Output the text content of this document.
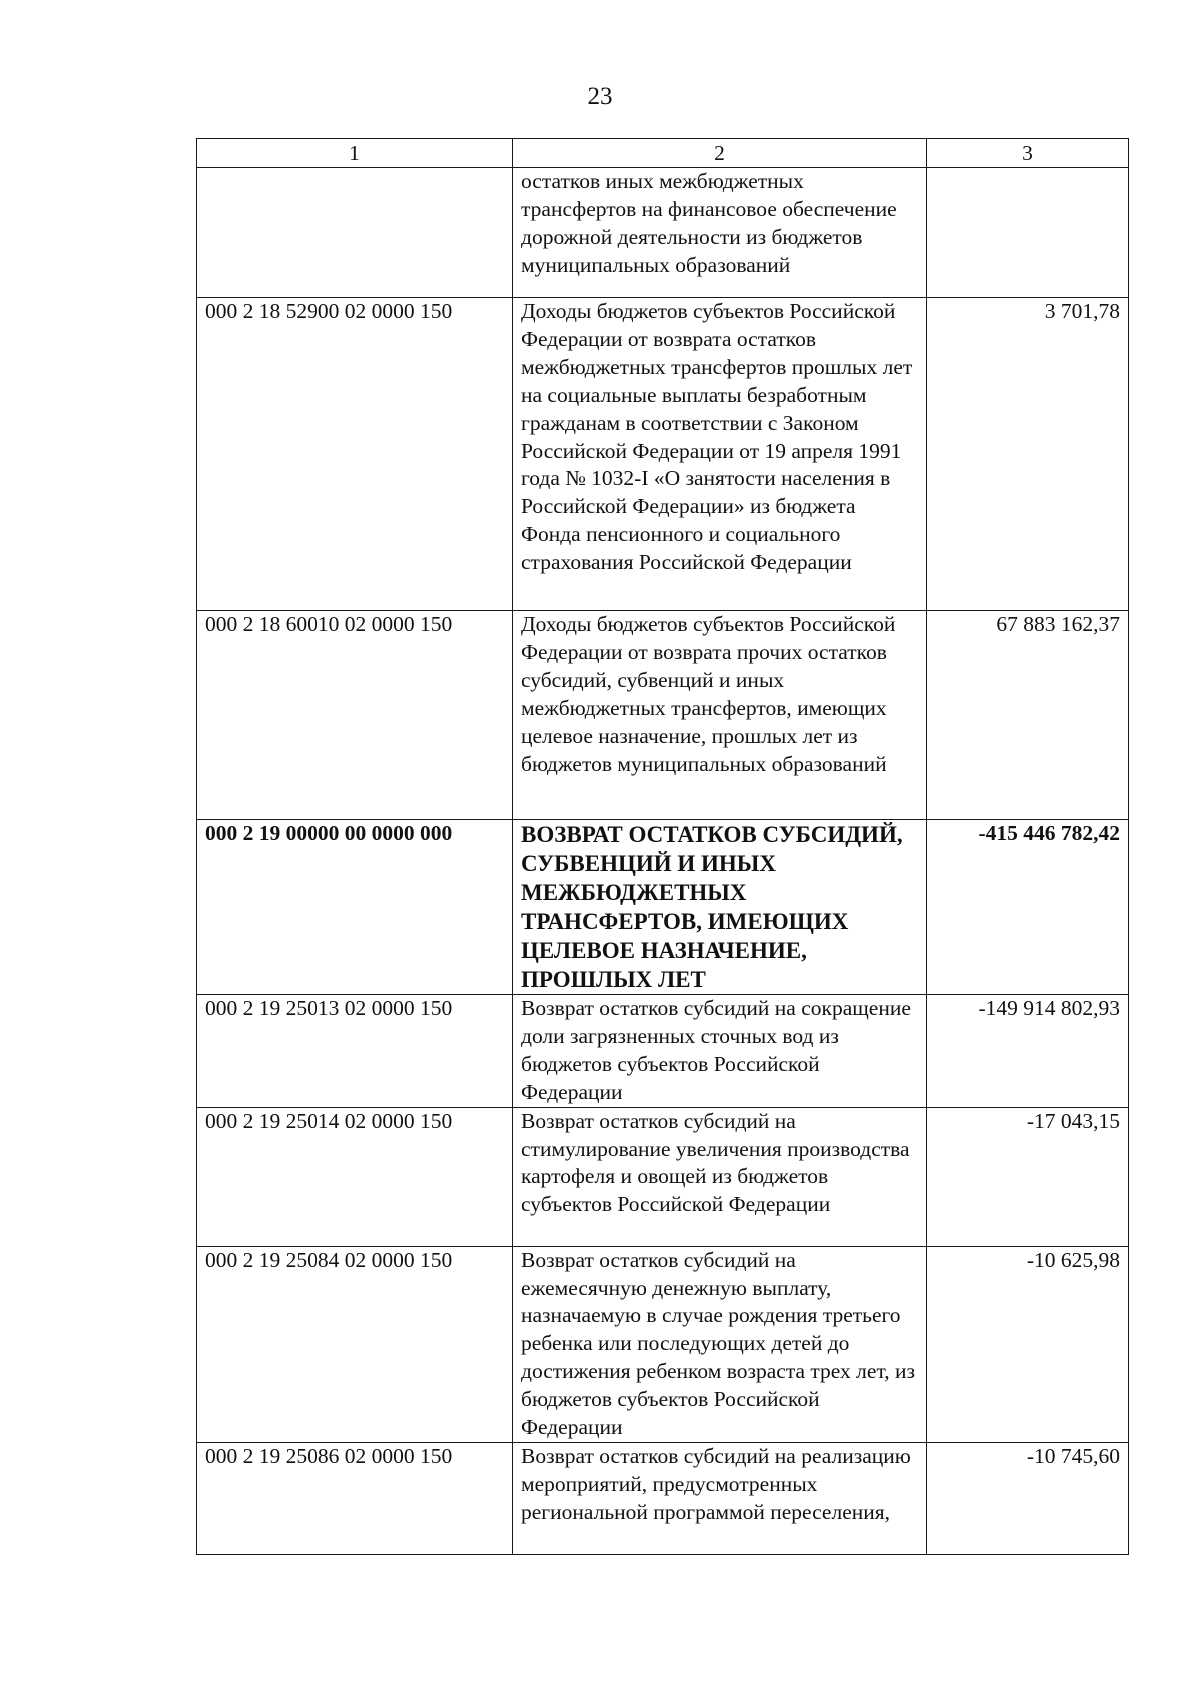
23
1	2	3
	остатков иных межбюджетных трансфертов на финансовое обеспечение дорожной деятельности из бюджетов муниципальных образований	
000 2 18 52900 02 0000 150	Доходы бюджетов субъектов Российской Федерации от возврата остатков межбюджетных трансфертов прошлых лет на социальные выплаты безработным гражданам в соответствии с Законом Российской Федерации от 19 апреля 1991 года № 1032-I «О занятости населения в Российской Федерации» из бюджета Фонда пенсионного и социального страхования Российской Федерации	3 701,78
000 2 18 60010 02 0000 150	Доходы бюджетов субъектов Российской Федерации от возврата прочих остатков субсидий, субвенций и иных межбюджетных трансфертов, имеющих целевое назначение, прошлых лет из бюджетов муниципальных образований	67 883 162,37
000 2 19 00000 00 0000 000	ВОЗВРАТ ОСТАТКОВ СУБСИДИЙ, СУБВЕНЦИЙ И ИНЫХ МЕЖБЮДЖЕТНЫХ ТРАНСФЕРТОВ, ИМЕЮЩИХ ЦЕЛЕВОЕ НАЗНАЧЕНИЕ, ПРОШЛЫХ ЛЕТ	-415 446 782,42
000 2 19 25013 02 0000 150	Возврат остатков субсидий на сокращение доли загрязненных сточных вод из бюджетов субъектов Российской Федерации	-149 914 802,93
000 2 19 25014 02 0000 150	Возврат остатков субсидий на стимулирование увеличения производства картофеля и овощей из бюджетов субъектов Российской Федерации	-17 043,15
000 2 19 25084 02 0000 150	Возврат остатков субсидий на ежемесячную денежную выплату, назначаемую в случае рождения третьего ребенка или последующих детей до достижения ребенком возраста трех лет, из бюджетов субъектов Российской Федерации	-10 625,98
000 2 19 25086 02 0000 150	Возврат остатков субсидий на реализацию мероприятий, предусмотренных региональной программой переселения,	-10 745,60
